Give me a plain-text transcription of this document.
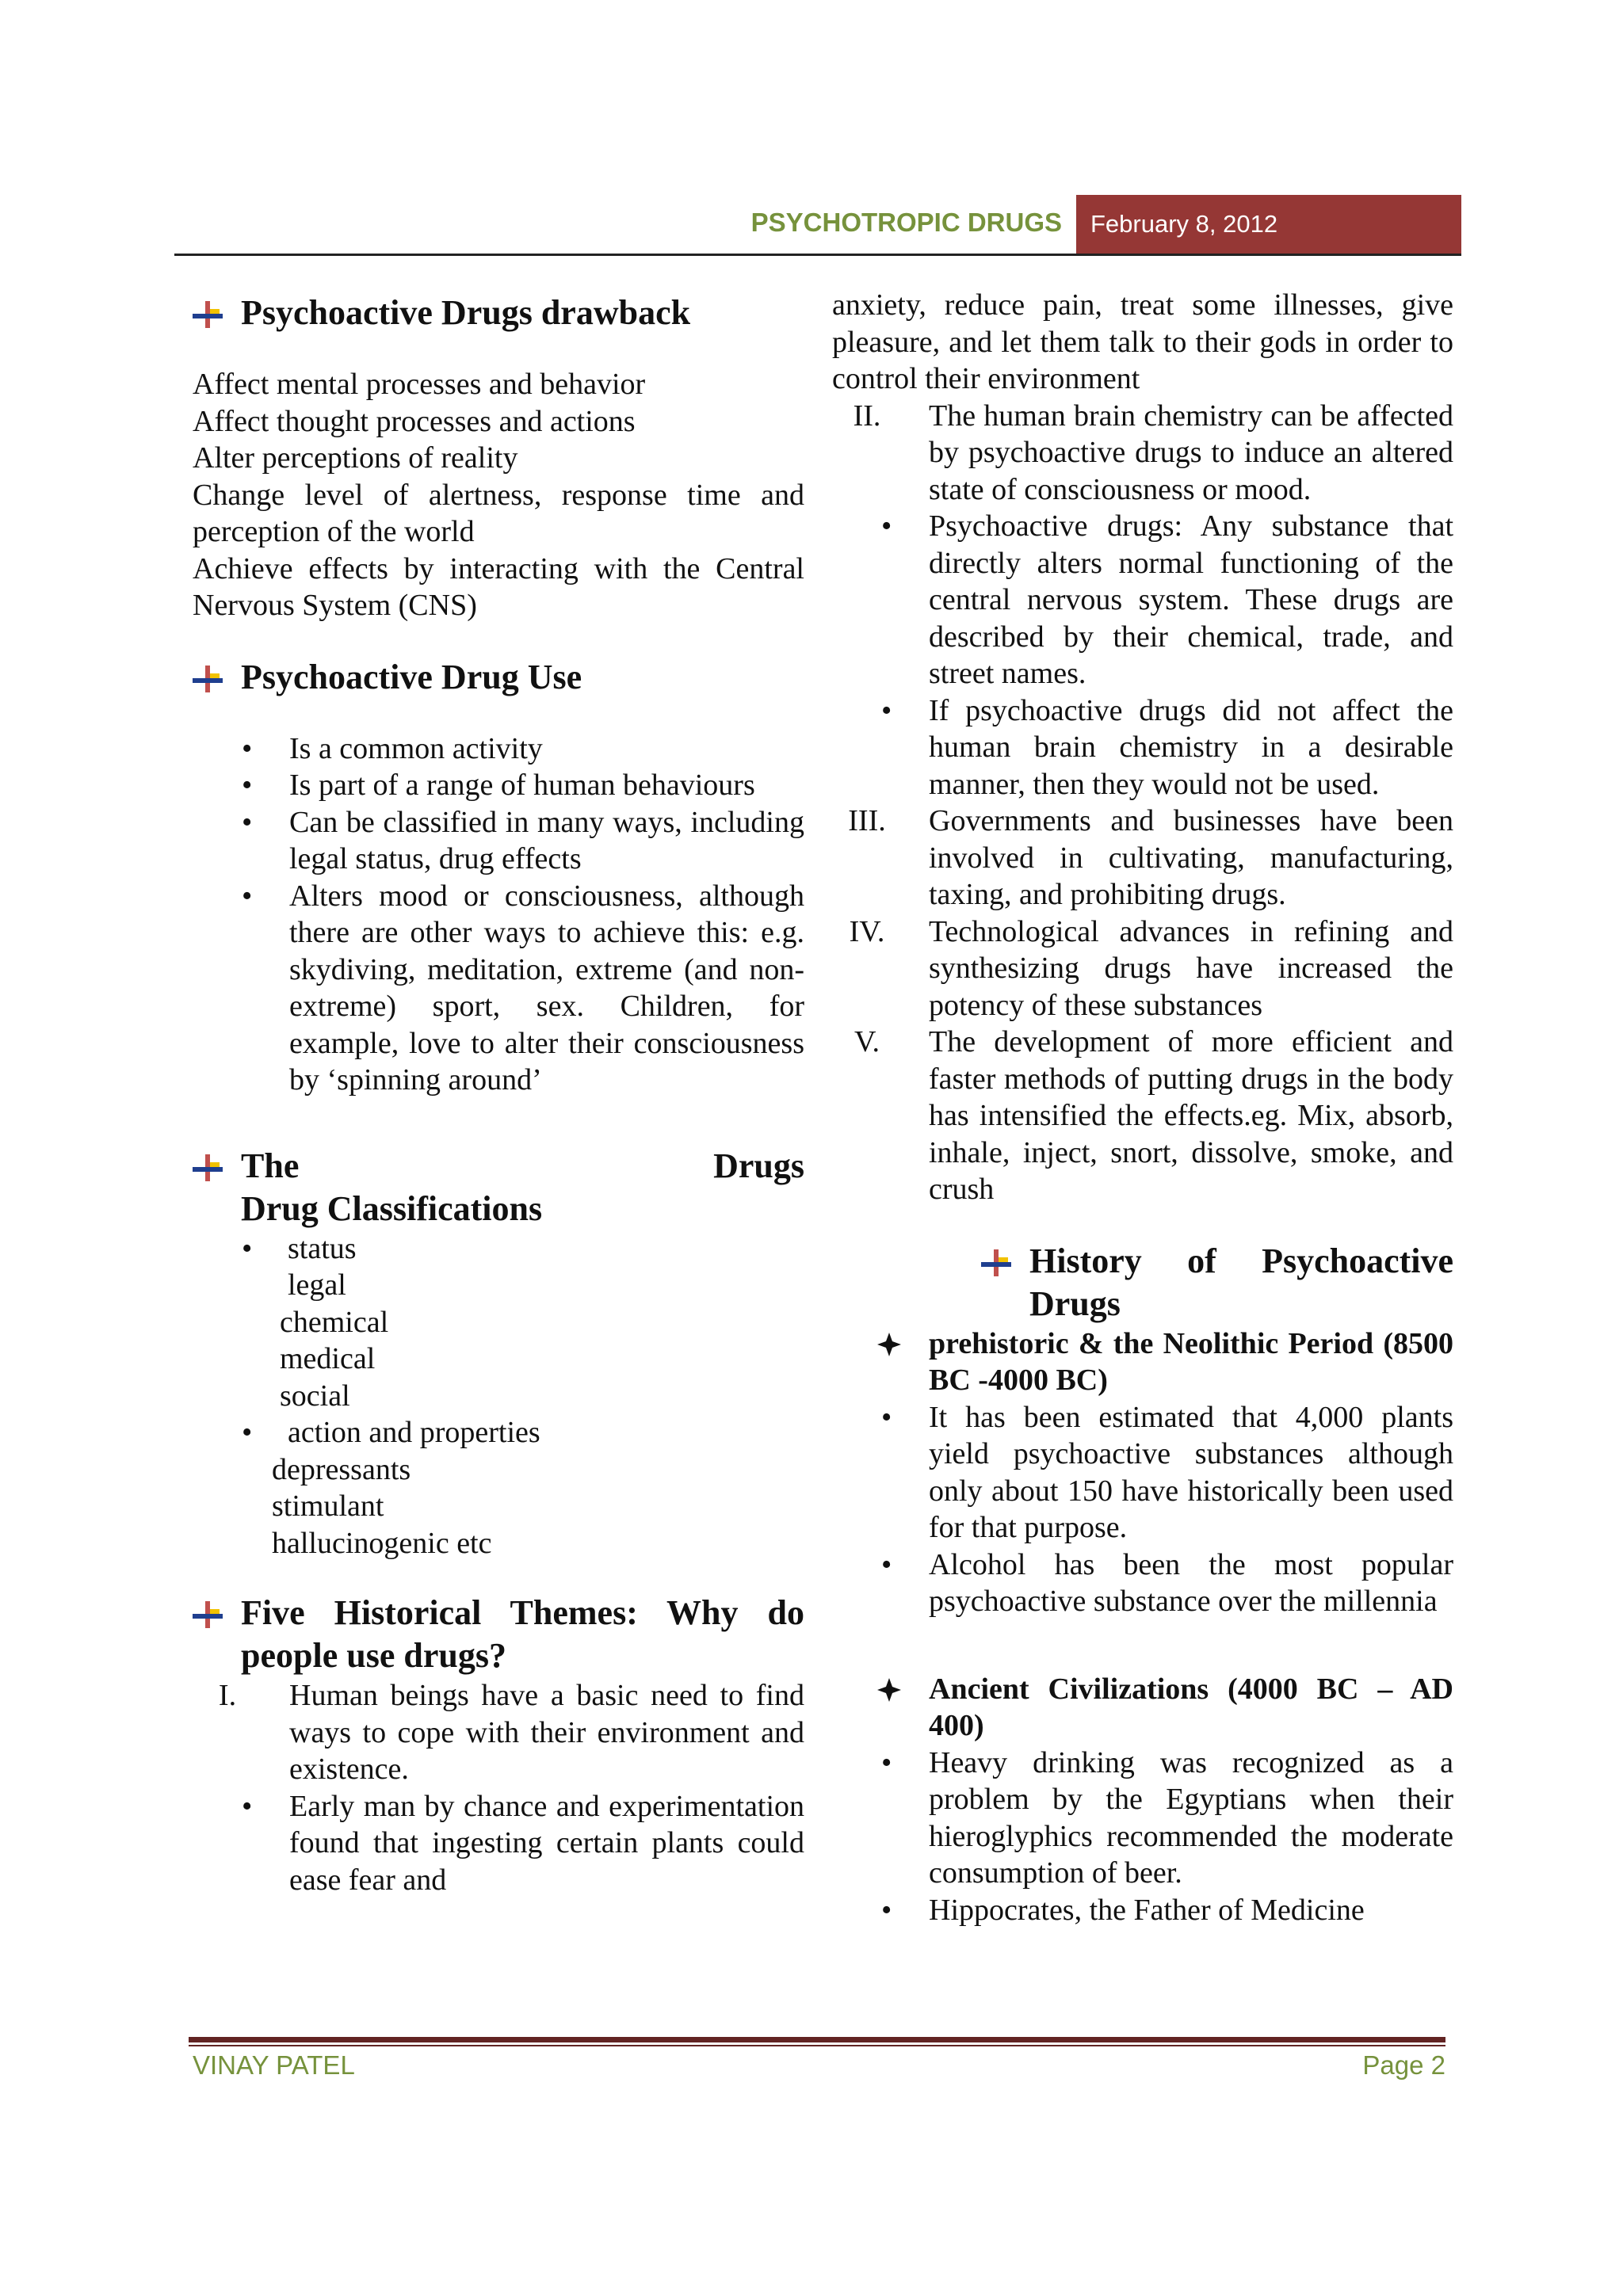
PSYCHOTROPIC DRUGS	February 8, 2012
Psychoactive Drugs drawback

Affect mental processes and behavior

Affect thought processes and actions

Alter perceptions of reality

Change level of alertness, response time and perception of the world

Achieve effects by interacting with the Central Nervous System (CNS)

Psychoactive Drug Use
• Is a common activity
• Is part of a range of human behaviours
• Can be classified in many ways, including legal status, drug effects
• Alters mood or consciousness, although there are other ways to achieve this: e.g. skydiving, meditation, extreme (and non-extreme) sport, sex. Children, for example, love to alter their consciousness by ‘spinning around’
The	Drugs
Drug Classifications
• status
legal
chemical
medical
social
• action and properties
depressants
stimulant
hallucinogenic etc
Five Historical Themes: Why do people use drugs?
I.	Human beings have a basic need to find ways to cope with their environment and existence.
• Early man by chance and experimentation found that ingesting certain plants could ease fear and
anxiety, reduce pain, treat some illnesses, give pleasure, and let them talk to their gods in order to control their environment
II.	The human brain chemistry can be affected by psychoactive drugs to induce an altered state of consciousness or mood.
• Psychoactive drugs: Any substance that directly alters normal functioning of the central nervous system. These drugs are described by their chemical, trade, and street names.
• If psychoactive drugs did not affect the human brain chemistry in a desirable manner, then they would not be used.
III.	Governments and businesses have been involved in cultivating, manufacturing, taxing, and prohibiting drugs.
IV.	Technological advances in refining and synthesizing drugs have increased the potency of these substances
V.	The development of more efficient and faster methods of putting drugs in the body has intensified the effects.eg. Mix, absorb, inhale, inject, snort, dissolve, smoke, and crush
History of Psychoactive Drugs
prehistoric & the Neolithic Period (8500 BC -4000 BC)
• It has been estimated that 4,000 plants yield psychoactive substances although only about 150 have historically been used for that purpose.
• Alcohol has been the most popular psychoactive substance over the millennia
Ancient Civilizations (4000 BC – AD 400)
• Heavy drinking was recognized as a problem by the Egyptians when their hieroglyphics recommended the moderate consumption of beer.
• Hippocrates, the Father of Medicine
VINAY PATEL	Page 2
